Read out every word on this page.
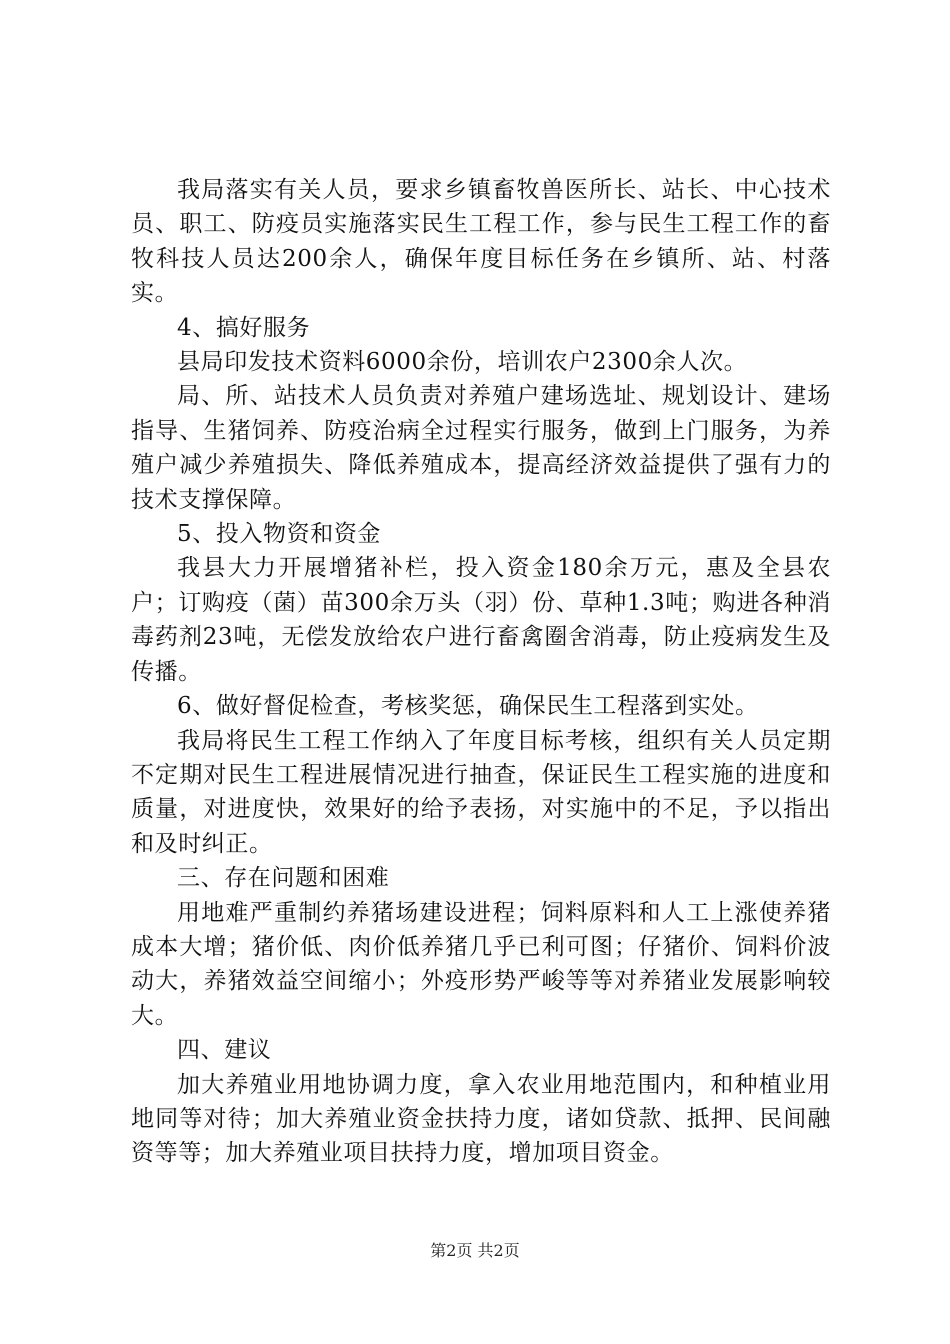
我局落实有关人员，要求乡镇畜牧兽医所长、站长、中心技术员、职工、防疫员实施落实民生工程工作，参与民生工程工作的畜牧科技人员达200余人，确保年度目标任务在乡镇所、站、村落实。

4、搞好服务

县局印发技术资料6000余份，培训农户2300余人次。

局、所、站技术人员负责对养殖户建场选址、规划设计、建场指导、生猪饲养、防疫治病全过程实行服务，做到上门服务，为养殖户减少养殖损失、降低养殖成本，提高经济效益提供了强有力的技术支撑保障。

5、投入物资和资金

我县大力开展增猪补栏，投入资金180余万元，惠及全县农户；订购疫（菌）苗300余万头（羽）份、草种1.3吨；购进各种消毒药剂23吨，无偿发放给农户进行畜禽圈舍消毒，防止疫病发生及传播。

6、做好督促检查，考核奖惩，确保民生工程落到实处。

我局将民生工程工作纳入了年度目标考核，组织有关人员定期不定期对民生工程进展情况进行抽查，保证民生工程实施的进度和质量，对进度快，效果好的给予表扬，对实施中的不足，予以指出和及时纠正。

三、存在问题和困难

用地难严重制约养猪场建设进程；饲料原料和人工上涨使养猪成本大增；猪价低、肉价低养猪几乎已利可图；仔猪价、饲料价波动大，养猪效益空间缩小；外疫形势严峻等等对养猪业发展影响较大。

四、建议

加大养殖业用地协调力度，拿入农业用地范围内，和种植业用地同等对待；加大养殖业资金扶持力度，诸如贷款、抵押、民间融资等等；加大养殖业项目扶持力度，增加项目资金。

第2页 共2页
